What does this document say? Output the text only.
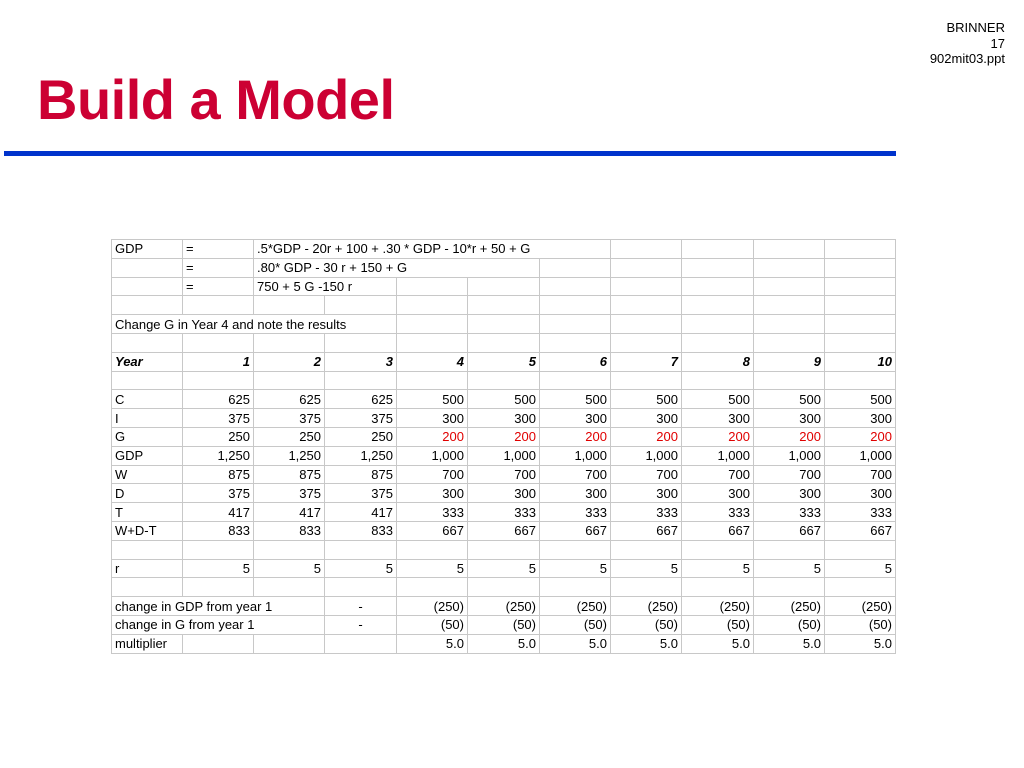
BRINNER
17
902mit03.ppt
Build a Model
GDP	=	.5*GDP - 20r + 100 + .30 * GDP - 10*r + 50 + G								
	=	.80* GDP - 30 r + 150 + G								
	=	750 + 5 G -150 r								

Change G in Year 4 and note the results										

Year	1	2	3	4	5	6	7	8	9	10

C	625	625	625	500	500	500	500	500	500	500
I	375	375	375	300	300	300	300	300	300	300
G	250	250	250	200	200	200	200	200	200	200
GDP	1,250	1,250	1,250	1,000	1,000	1,000	1,000	1,000	1,000	1,000
W	875	875	875	700	700	700	700	700	700	700
D	375	375	375	300	300	300	300	300	300	300
T	417	417	417	333	333	333	333	333	333	333
W+D-T	833	833	833	667	667	667	667	667	667	667

r	5	5	5	5	5	5	5	5	5	5

change in GDP from year 1			-	(250)	(250)	(250)	(250)	(250)	(250)	(250)
change in G from year 1			-	(50)	(50)	(50)	(50)	(50)	(50)	(50)
multiplier				5.0	5.0	5.0	5.0	5.0	5.0	5.0
